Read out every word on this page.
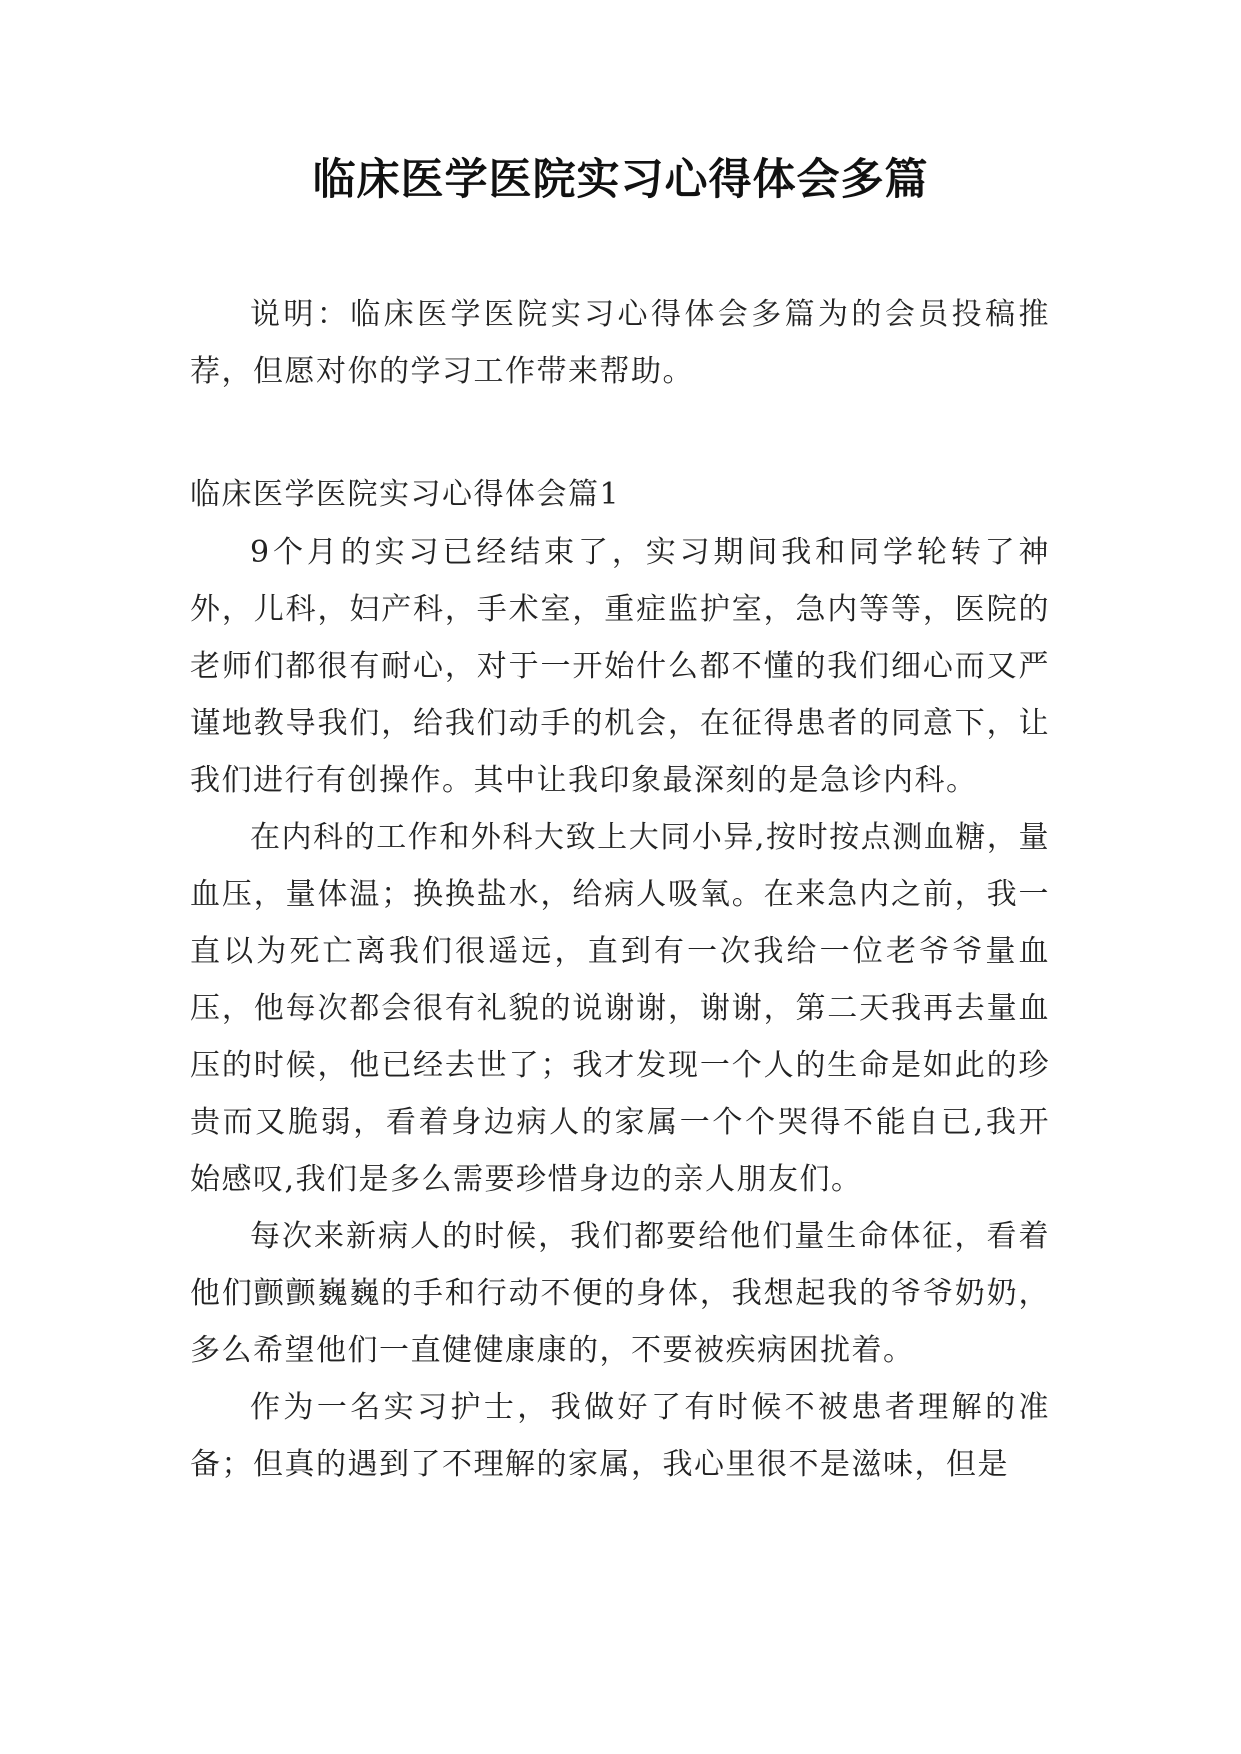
临床医学医院实习心得体会多篇

说明：临床医学医院实习心得体会多篇为的会员投稿推荐，但愿对你的学习工作带来帮助。

临床医学医院实习心得体会篇1

9个月的实习已经结束了，实习期间我和同学轮转了神外，儿科，妇产科，手术室，重症监护室，急内等等，医院的老师们都很有耐心，对于一开始什么都不懂的我们细心而又严谨地教导我们，给我们动手的机会，在征得患者的同意下，让我们进行有创操作。其中让我印象最深刻的是急诊内科。

在内科的工作和外科大致上大同小异,按时按点测血糖，量血压，量体温；换换盐水，给病人吸氧。在来急内之前，我一直以为死亡离我们很遥远，直到有一次我给一位老爷爷量血压，他每次都会很有礼貌的说谢谢，谢谢，第二天我再去量血压的时候，他已经去世了；我才发现一个人的生命是如此的珍贵而又脆弱，看着身边病人的家属一个个哭得不能自已,我开始感叹,我们是多么需要珍惜身边的亲人朋友们。

每次来新病人的时候，我们都要给他们量生命体征，看着他们颤颤巍巍的手和行动不便的身体，我想起我的爷爷奶奶，多么希望他们一直健健康康的，不要被疾病困扰着。

作为一名实习护士，我做好了有时候不被患者理解的准备；但真的遇到了不理解的家属，我心里很不是滋味，但是
